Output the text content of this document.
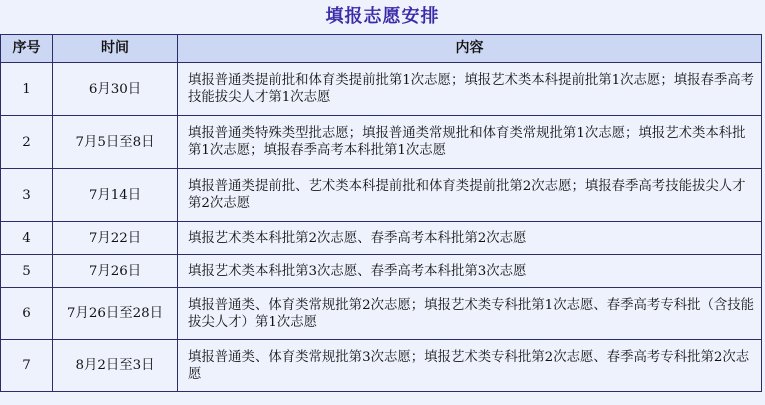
填报志愿安排
序号	时间	内容
1	6月30日	填报普通类提前批和体育类提前批第1次志愿；填报艺术类本科提前批第1次志愿；填报春季高考技能拔尖人才第1次志愿
2	7月5日至8日	填报普通类特殊类型批志愿；填报普通类常规批和体育类常规批第1次志愿；填报艺术类本科批第1次志愿；填报春季高考本科批第1次志愿
3	7月14日	填报普通类提前批、艺术类本科提前批和体育类提前批第2次志愿；填报春季高考技能拔尖人才第2次志愿
4	7月22日	填报艺术类本科批第2次志愿、春季高考本科批第2次志愿
5	7月26日	填报艺术类本科批第3次志愿、春季高考本科批第3次志愿
6	7月26日至28日	填报普通类、体育类常规批第2次志愿；填报艺术类专科批第1次志愿、春季高考专科批（含技能拔尖人才）第1次志愿
7	8月2日至3日	填报普通类、体育类常规批第3次志愿；填报艺术类专科批第2次志愿、春季高考专科批第2次志愿
